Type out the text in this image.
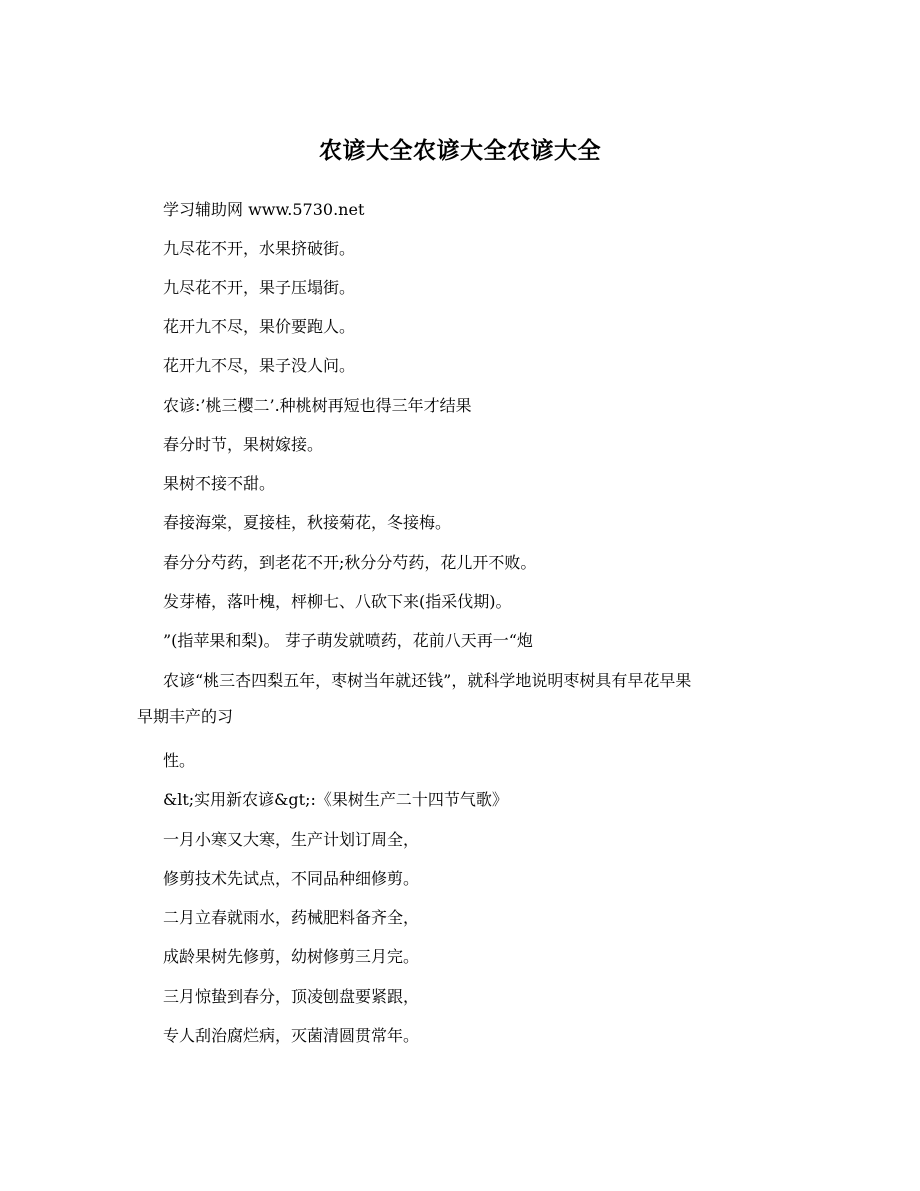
农谚大全农谚大全农谚大全
学习辅助网 www.5730.net
九尽花不开，水果挤破街。
九尽花不开，果子压塌街。
花开九不尽，果价要跑人。
花开九不尽，果子没人问。
农谚:’桃三樱二’.种桃树再短也得三年才结果
春分时节，果树嫁接。
果树不接不甜。
春接海棠，夏接桂，秋接菊花，冬接梅。
春分分芍药，到老花不开;秋分分芍药，花儿开不败。
发芽椿，落叶槐，枰柳七、八砍下来(指采伐期)。
”(指苹果和梨)。 芽子萌发就喷药，花前八天再一“炮
农谚“桃三杏四梨五年，枣树当年就还钱”，就科学地说明枣树具有早花早果
早期丰产的习
性。
&lt;实用新农谚&gt;:《果树生产二十四节气歌》
一月小寒又大寒，生产计划订周全，
修剪技术先试点，不同品种细修剪。
二月立春就雨水，药械肥料备齐全，
成龄果树先修剪，幼树修剪三月完。
三月惊蛰到春分，顶凌刨盘要紧跟，
专人刮治腐烂病，灭菌清圆贯常年。
